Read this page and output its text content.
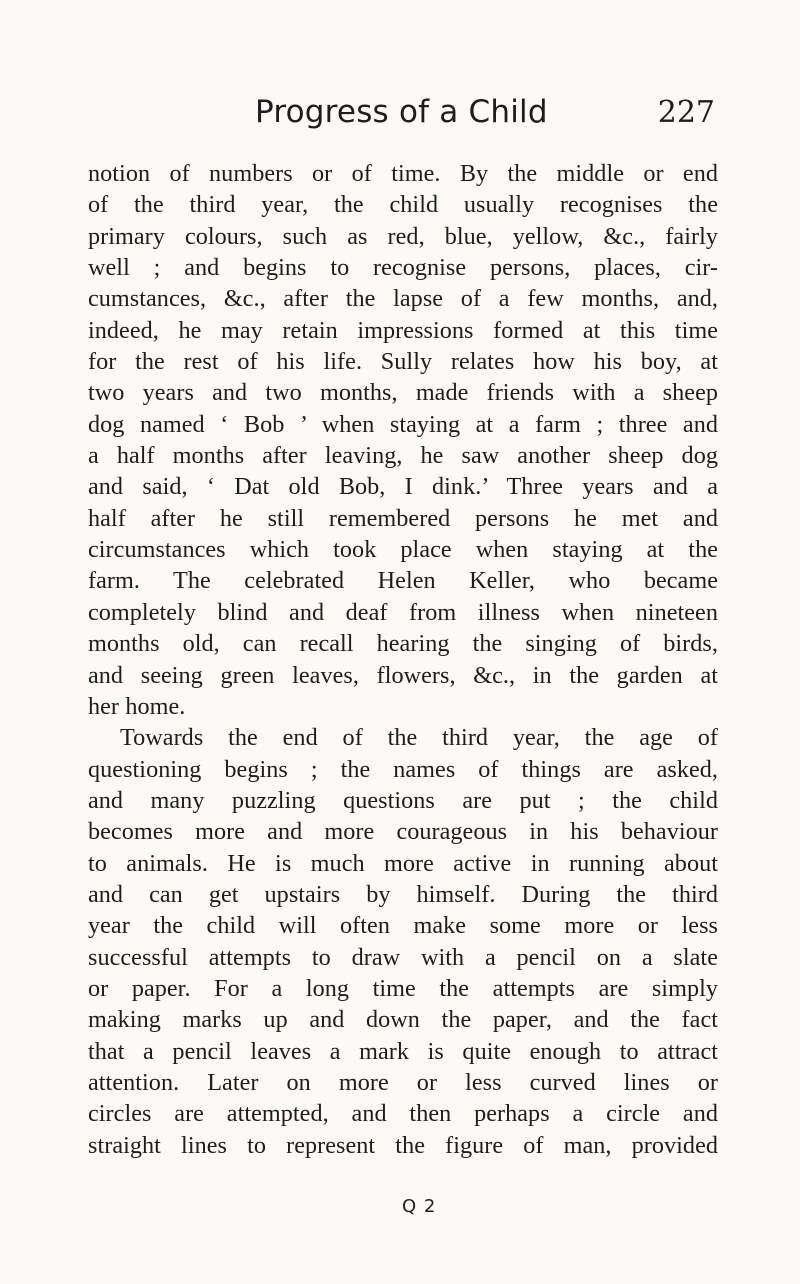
Progress of a Child	227
notion of numbers or of time. By the middle or end
of the third year, the child usually recognises the
primary colours, such as red, blue, yellow, &c., fairly
well ; and begins to recognise persons, places, cir-
cumstances, &c., after the lapse of a few months, and,
indeed, he may retain impressions formed at this time
for the rest of his life. Sully relates how his boy, at
two years and two months, made friends with a sheep
dog named ‘ Bob ’ when staying at a farm ; three and
a half months after leaving, he saw another sheep dog
and said, ‘ Dat old Bob, I dink.’ Three years and a
half after he still remembered persons he met and
circumstances which took place when staying at the
farm. The celebrated Helen Keller, who became
completely blind and deaf from illness when nineteen
months old, can recall hearing the singing of birds,
and seeing green leaves, flowers, &c., in the garden at
her home.
Towards the end of the third year, the age of
questioning begins ; the names of things are asked,
and many puzzling questions are put ; the child
becomes more and more courageous in his behaviour
to animals. He is much more active in running about
and can get upstairs by himself. During the third
year the child will often make some more or less
successful attempts to draw with a pencil on a slate
or paper. For a long time the attempts are simply
making marks up and down the paper, and the fact
that a pencil leaves a mark is quite enough to attract
attention. Later on more or less curved lines or
circles are attempted, and then perhaps a circle and
straight lines to represent the figure of man, provided
Q 2
